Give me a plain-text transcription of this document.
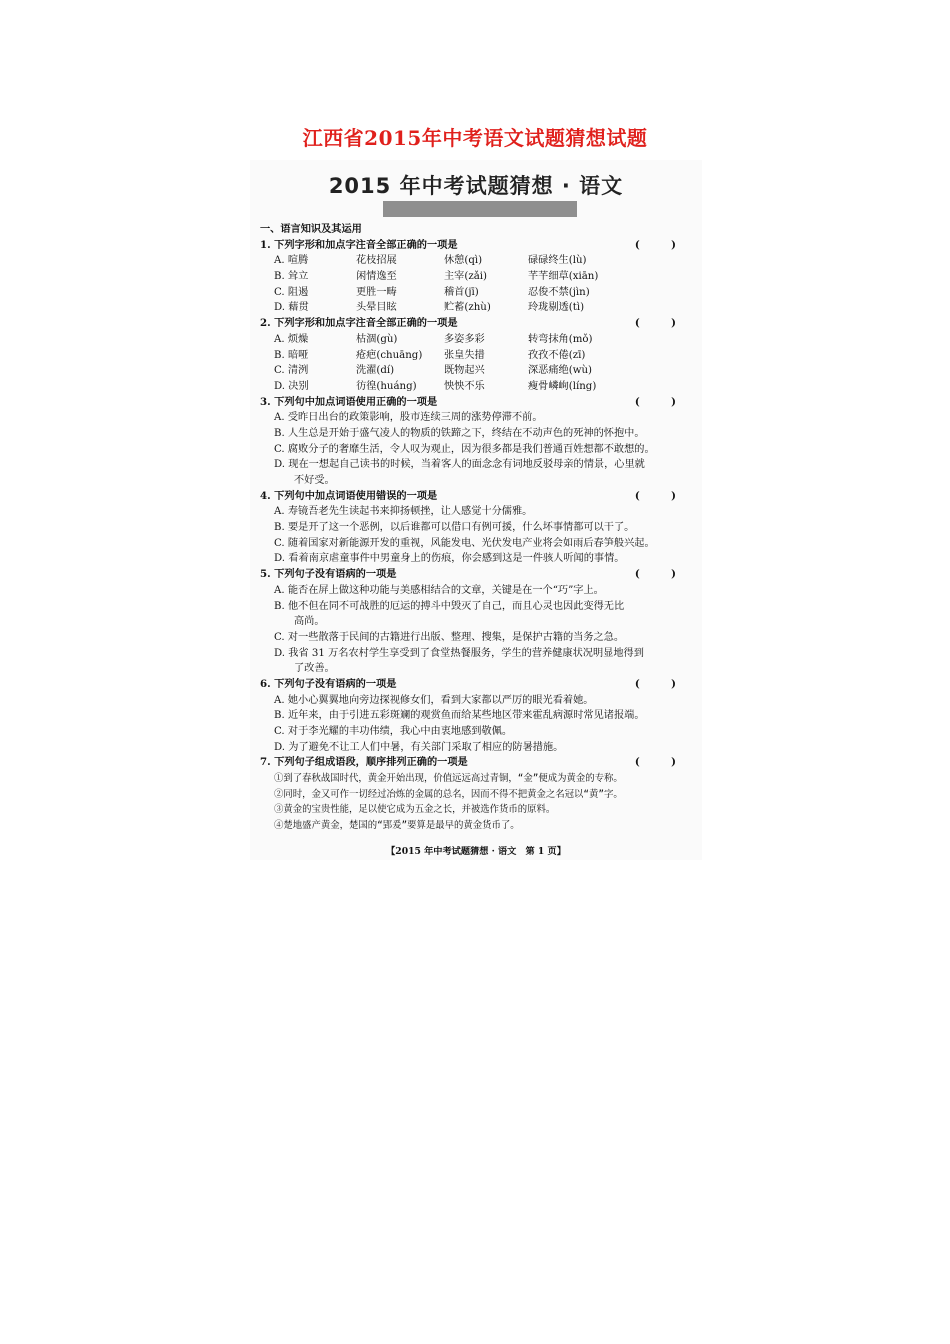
江西省2015年中考语文试题猜想试题
2015 年中考试题猜想 · 语文
一、语言知识及其运用
1. 下列字形和加点字注音全部正确的一项是	( )
A. 喧腾	花枝招展	休憩(qì)	碌碌终生(lù)
B. 耸立	闲情逸至	主宰(zǎi)	芊芊细草(xiān)
C. 阻遏	更胜一畴	稽首(jī)	忍俊不禁(jìn)
D. 藉贯	头晕目眩	贮蓄(zhù)	玲珑剔透(tì)
2. 下列字形和加点字注音全部正确的一项是	( )
A. 烦燥	枯涸(gù)	多姿多彩	转弯抹角(mǒ)
B. 暗哑	疮疤(chuāng)	张皇失措	孜孜不倦(zī)
C. 清洌	洗濯(dí)	既物起兴	深恶痛绝(wù)
D. 决别	彷徨(huáng)	怏怏不乐	瘦骨嶙峋(líng)
3. 下列句中加点词语使用正确的一项是	( )
A. 受昨日出台的政策影响，股市连续三周的涨势停滞不前。
B. 人生总是开始于盛气凌人的物质的铁蹄之下，终结在不动声色的死神的怀抱中。
C. 腐败分子的奢靡生活，令人叹为观止，因为很多都是我们普通百姓想都不敢想的。
D. 现在一想起自己读书的时候，当着客人的面念念有词地反驳母亲的情景，心里就
不好受。
4. 下列句中加点词语使用错误的一项是	( )
A. 寿镜吾老先生读起书来抑扬顿挫，让人感觉十分儒雅。
B. 要是开了这一个恶例，以后谁都可以借口有例可援，什么坏事情都可以干了。
C. 随着国家对新能源开发的重视，风能发电、光伏发电产业将会如雨后春笋般兴起。
D. 看着南京虐童事件中男童身上的伤痕，你会感到这是一件骇人听闻的事情。
5. 下列句子没有语病的一项是	( )
A. 能否在屏上做这种功能与美感相结合的文章，关键是在一个“巧”字上。
B. 他不但在同不可战胜的厄运的搏斗中毁灭了自己，而且心灵也因此变得无比
高尚。
C. 对一些散落于民间的古籍进行出版、整理、搜集，是保护古籍的当务之急。
D. 我省 31 万名农村学生享受到了食堂热餐服务，学生的营养健康状况明显地得到
了改善。
6. 下列句子没有语病的一项是	( )
A. 她小心翼翼地向旁边探视修女们，看到大家都以严厉的眼光看着她。
B. 近年来，由于引进五彩斑斓的观赏鱼而给某些地区带来霍乱病源时常见诸报端。
C. 对于李光耀的丰功伟绩，我心中由衷地感到敬佩。
D. 为了避免不让工人们中暑，有关部门采取了相应的防暑措施。
7. 下列句子组成语段，顺序排列正确的一项是	( )
①到了春秋战国时代，黄金开始出现，价值远远高过青铜，“金”便成为黄金的专称。
②同时，金又可作一切经过冶炼的金属的总名，因而不得不把黄金之名冠以“黄”字。
③黄金的宝贵性能，足以使它成为五金之长，并被选作货币的原料。
④楚地盛产黄金，楚国的“郢爰”要算是最早的黄金货币了。
【2015 年中考试题猜想 · 语文　第 1 页】
